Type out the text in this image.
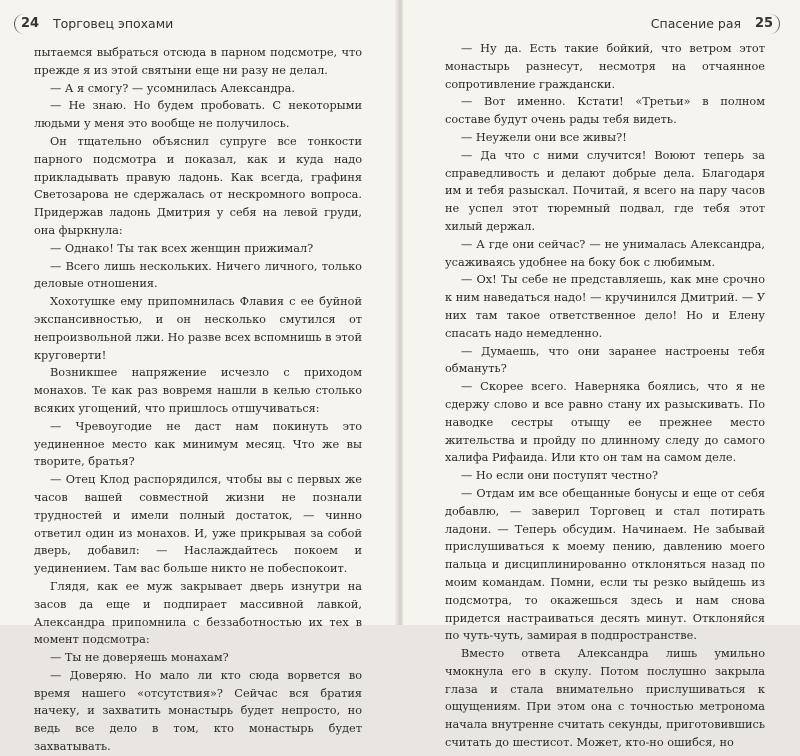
24 Торговец эпохами

пытаемся выбраться отсюда в парном подсмотре, что прежде я из этой святыни еще ни разу не делал.

— А я смогу? — усомнилась Александра.

— Не знаю. Но будем пробовать. С некоторыми людьми у меня это вообще не получилось.

Он тщательно объяснил супруге все тонкости парного подсмотра и показал, как и куда надо прикладывать правую ладонь. Как всегда, графиня Светозарова не сдержалась от нескромного вопроса. Придержав ладонь Дмитрия у себя на левой груди, она фыркнула:

— Однако! Ты так всех женщин прижимал?

— Всего лишь нескольких. Ничего личного, только деловые отношения.

Хохотушке ему припомнилась Флавия с ее буйной экспансивностью, и он несколько смутился от непроизвольной лжи. Но разве всех вспомнишь в этой круговерти!

Возникшее напряжение исчезло с приходом монахов. Те как раз вовремя нашли в келью столько всяких угощений, что пришлось отшучиваться:

— Чревоугодие не даст нам покинуть это уединенное место как минимум месяц. Что же вы творите, братья?

— Отец Клод распорядился, чтобы вы с первых же часов вашей совместной жизни не познали трудностей и имели полный достаток, — чинно ответил один из монахов. И, уже прикрывая за собой дверь, добавил: — Наслаждайтесь покоем и уединением. Там вас больше никто не побеспокоит.

Глядя, как ее муж закрывает дверь изнутри на засов да еще и подпирает массивной лавкой, Александра припомнила с беззаботностью их тех в момент подсмотра:

— Ты не доверяешь монахам?

— Доверяю. Но мало ли кто сюда ворвется во время нашего «отсутствия»? Сейчас вся братия начеку, и захватить монастырь будет непросто, но ведь все дело в том, кто монастырь будет захватывать.

Спасение рая 25

— Ну да. Есть такие бойкий, что ветром этот монастырь разнесут, несмотря на отчаянное сопротивление граждански.

— Вот именно. Кстати! «Третьи» в полном составе будут очень рады тебя видеть.

— Неужели они все живы?!

— Да что с ними случится! Воюют теперь за справедливость и делают добрые дела. Благодаря им и тебя разыскал. Почитай, я всего на пару часов не успел этот тюремный подвал, где тебя этот хилый держал.

— А где они сейчас? — не унималась Александра, усаживаясь удобнее на боку бок с любимым.

— Ох! Ты себе не представляешь, как мне срочно к ним наведаться надо! — кручинился Дмитрий. — У них там такое ответственное дело! Но и Елену спасать надо немедленно.

— Думаешь, что они заранее настроены тебя обмануть?

— Скорее всего. Наверняка боялись, что я не сдержу слово и все равно стану их разыскивать. По наводке сестры отыщу ее прежнее место жительства и пройду по длинному следу до самого халифа Рифаида. Или кто он там на самом деле.

— Но если они поступят честно?

— Отдам им все обещанные бонусы и еще от себя добавлю, — заверил Торговец и стал потирать ладони. — Теперь обсудим. Начинаем. Не забывай прислушиваться к моему пению, давлению моего пальца и дисциплинированно отклоняться назад по моим командам. Помни, если ты резко выйдешь из подсмотра, то окажешься здесь и нам снова придется настраиваться десять минут. Отклоняйся по чуть-чуть, замирая в подпространстве.

Вместо ответа Александра лишь умильно чмокнула его в скулу. Потом послушно закрыла глаза и стала внимательно прислушиваться к ощущениям. При этом она с точностью метронома начала внутренне считать секунды, приготовившись считать до шестисот. Может, кто-но ошибся, но
